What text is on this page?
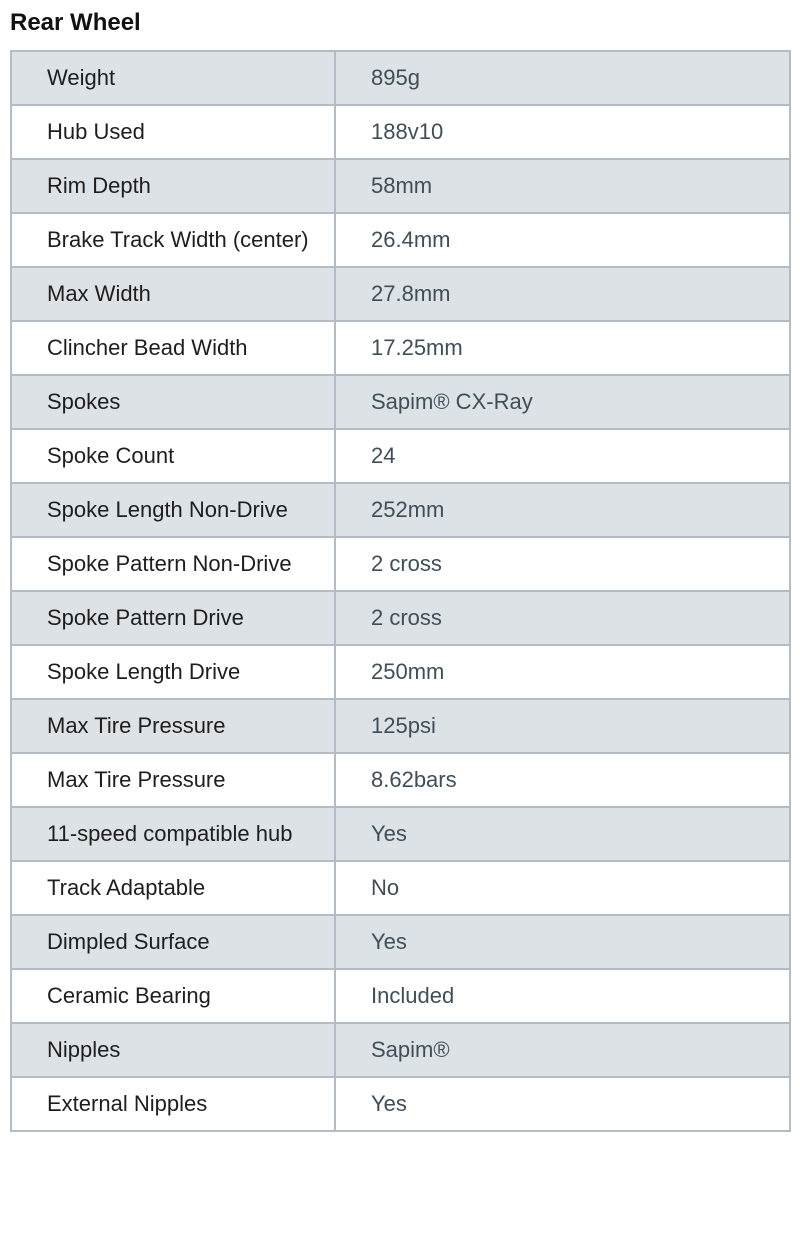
Rear Wheel
Weight	895g
Hub Used	188v10
Rim Depth	58mm
Brake Track Width (center)	26.4mm
Max Width	27.8mm
Clincher Bead Width	17.25mm
Spokes	Sapim® CX-Ray
Spoke Count	24
Spoke Length Non-Drive	252mm
Spoke Pattern Non-Drive	2 cross
Spoke Pattern Drive	2 cross
Spoke Length Drive	250mm
Max Tire Pressure	125psi
Max Tire Pressure	8.62bars
11-speed compatible hub	Yes
Track Adaptable	No
Dimpled Surface	Yes
Ceramic Bearing	Included
Nipples	Sapim®
External Nipples	Yes
